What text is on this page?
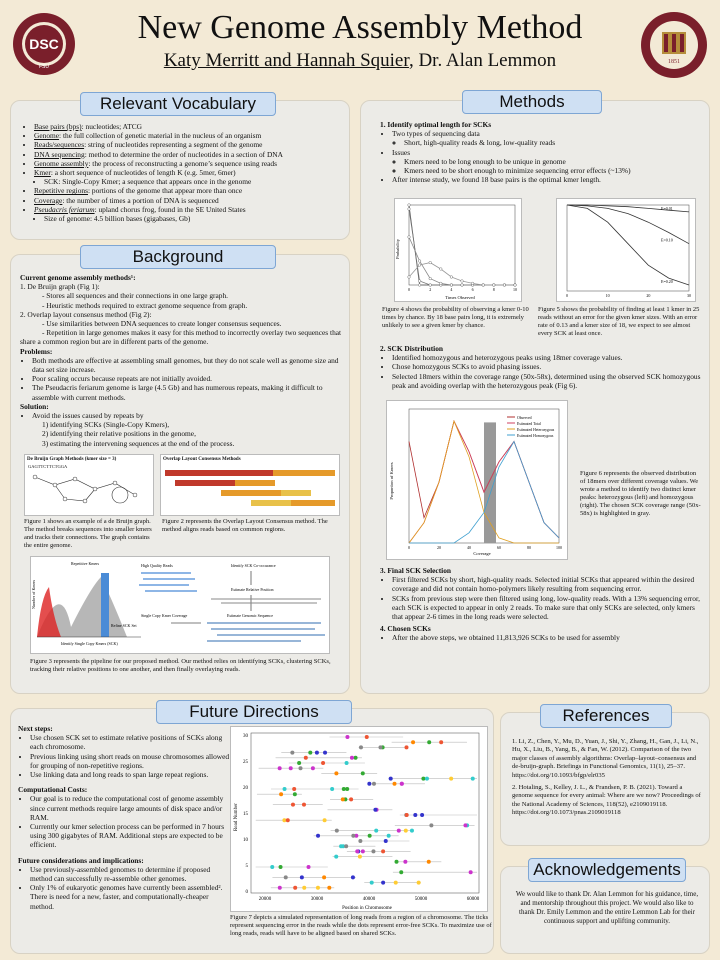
DSC
FSU
New Genome Assembly Method
Katy Merritt and Hannah Squier, Dr. Alan Lemmon	1851
Relevant Vocabulary
• Base pairs (bps): nucleotides; ATCG
• Genome: the full collection of genetic material in the nucleus of an organism
• Reads/sequences: string of nucleotides representing a segment of the genome
• DNA sequencing: method to determine the order of nucleotides in a section of DNA
• Genome assembly: the process of reconstructing a genome’s sequence using reads
• Kmer: a short sequence of nucleotides of length K (e.g. 5mer, 6mer)
• SCK: Single-Copy Kmer; a sequence that appears once in the genome
• Repetitive regions: portions of the genome that appear more than once
• Coverage: the number of times a portion of DNA is sequenced
• Pseudacris feriarum: upland chorus frog, found in the SE United States
• Size of genome: 4.5 billion bases (gigabases, Gb)
Background
Current genome assembly methods¹:
1. De Bruijn graph (Fig 1):
- Stores all sequences and their connections in one large graph.
- Heuristic methods required to extract genome sequence from graph.
2. Overlap layout consensus method (Fig 2):
- Use similarities between DNA sequences to create longer consensus sequences.
- Repetition in large genomes makes it easy for this method to incorrectly overlay two sequences that share a common region but are in different parts of the genome.
Problems:
• Both methods are effective at assembling small genomes, but they do not scale well as genome size and data set size increase.
• Poor scaling occurs because repeats are not initially avoided.
• The Pseudacris feriarum genome is large (4.5 Gb) and has numerous repeats, making it difficult to assemble with current methods.
Solution:
• Avoid the issues caused by repeats by
1) identifying SCKs (Single-Copy Kmers),
2) identifying their relative positions in the genome,
3) estimating the intervening sequences at the end of the process.
De Bruijn Graph Methods (kmer size = 3)
GAGTTCTTCTGGA
Figure 1 shows an example of a de Bruijn graph. The method breaks sequences into smaller kmers and tracks their connections. The graph contains the entire genome.
Overlap Layout Consensus Methods
Figure 2 represents the Overlap Layout Consensus method. The method aligns reads based on common regions.
Number of Kmers
Repetitive Kmers
Identify Single Copy Kmers (SCK)
High Quality Reads	Identify SCK Co-occurance
Estimate Relative Position
Estimate Genomic Sequence
Single Copy Kmer Coverage
Refine SCK Set
Figure 3 represents the pipeline for our proposed method. Our method relies on identifying SCKs, clustering SCKs, tracking their relative positions to one another, and then finally overlaying reads.
Methods
1. Identify optimal length for SCKs
• Two types of sequencing data
◦ Short, high-quality reads & long, low-quality reads
• Issues
◦ Kmers need to be long enough to be unique in genome
◦ Kmers need to be short enough to minimize sequencing error effects (~13%)
• After intense study, we found 18 base pairs is the optimal kmer length.
Times Observed
Probability
0	2	4	6	8	10
Figure 4 shows the probability of observing a kmer 0-10 times by chance. By 18 base pairs long, it is extremely unlikely to see a given kmer by chance.
0	10	20	30
E=0.01
E=0.10
E=0.20
Figure 5 shows the probability of finding at least 1 kmer in 25 reads without an error for the given kmer sizes. With an error rate of 0.13 and a kmer size of 18, we expect to see almost every SCK at least once.
2. SCK Distribution
• Identified homozygous and heterozygous peaks using 18mer coverage values.
• Chose homozygous SCKs to avoid phasing issues.
• Selected 18mers within the coverage range (50x-58x), determined using the observed SCK homozygous peak and avoiding overlap with the heterozygous peak (Fig 6).
Coverage
Proportion of Kmers
0	20	40	60	80	100
Observed
Estimated Total
Estimated Heterozygous
Estimated Homozygous
Figure 6 represents the observed distribution of 18mers over different coverage values. We wrote a method to identify two distinct kmer peaks: heterozygous (left) and homozygous (right). The chosen SCK coverage range (50x-58x) is highlighted in gray.
3. Final SCK Selection
• First filtered SCKs by short, high-quality reads. Selected initial SCKs that appeared within the desired coverage and did not contain homo-polymers likely resulting from sequencing error.
• SCKs from previous step were then filtered using long, low-quality reads. With a 13% sequencing error, each SCK is expected to appear in only 2 reads. To make sure that only SCKs are selected, only kmers that appear 2-6 times in the long reads were selected.
4. Chosen SCKs
• After the above steps, we obtained 11,813,926 SCKs to be used for assembly
Future Directions
Next steps:
• Use chosen SCK set to estimate relative positions of SCKs along each chromosome.
• Previous linking using short reads on mouse chromosomes allowed for grouping of non-repetitive regions.
• Use linking data and long reads to span large repeat regions.
Computational Costs:
• Our goal is to reduce the computational cost of genome assembly since current methods require large amounts of disk space and/or RAM.
• Currently our kmer selection process can be performed in 7 hours using 300 gigabytes of RAM. Additional steps are expected to be efficient.
Future considerations and implications:
• Use previously-assembled genomes to determine if proposed method can successfully re-assemble other genomes.
• Only 1% of eukaryotic genomes have currently been assembled². There is need for a new, faster, and computationally-cheaper method.	Position in Chromosome
Read Number
20000	30000	40000	50000	60000
0
5
10
15
20
25
30
Figure 7 depicts a simulated representation of long reads from a region of a chromosome. The ticks represent sequencing error in the reads while the dots represent error-free SCKs. To maximize use of long reads, reads will have to be aligned based on shared SCKs.
References
1. Li, Z., Chen, Y., Mu, D., Yuan, J., Shi, Y., Zhang, H., Gan, J., Li, N., Hu, X., Liu, B., Yang, B., & Fan, W. (2012). Comparison of the two major classes of assembly algorithms: Overlap–layout–consensus and de-bruijn-graph. Briefings in Functional Genomics, 11(1), 25–37. https://doi.org/10.1093/bfgp/elr035
2. Hotaling, S., Kelley, J. L., & Frandsen, P. B. (2021). Toward a genome sequence for every animal: Where are we now? Proceedings of the National Academy of Sciences, 118(52), e2109019118. https://doi.org/10.1073/pnas.2109019118
Acknowledgements
We would like to thank Dr. Alan Lemmon for his guidance, time, and mentorship throughout this project. We would also like to thank Dr. Emily Lemmon and the entire Lemmon Lab for their continuous support and uplifting community.
